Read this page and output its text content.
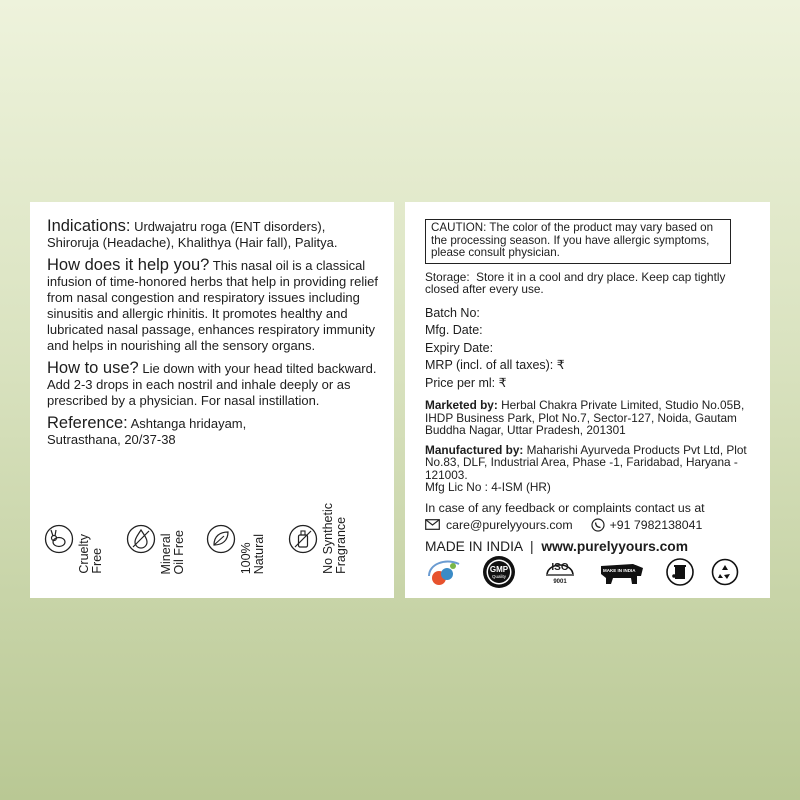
Indications: Urdwajatru roga (ENT disorders), Shiroruja (Headache), Khalithya (Hair fall), Palitya.

How does it help you? This nasal oil is a classical infusion of time-honored herbs that help in providing relief from nasal congestion and respiratory issues including sinusitis and allergic rhinitis. It promotes healthy and lubricated nasal passage, enhances respiratory immunity and helps in nourishing all the sensory organs.

How to use? Lie down with your head tilted backward. Add 2-3 drops in each nostril and inhale deeply or as prescribed by a physician. For nasal instillation.

Reference: Ashtanga hridayam, Sutrasthana, 20/37-38

Cruelty
Free	Mineral
Oil Free	100%
Natural	No Synthetic
Fragrance
CAUTION: The color of the product may vary based on the processing season. If you have allergic symptoms, please consult physician.
Storage: Store it in a cool and dry place. Keep cap tightly closed after every use.
Batch No:
Mfg. Date:
Expiry Date:
MRP (incl. of all taxes): ₹
Price per ml: ₹
Marketed by: Herbal Chakra Private Limited, Studio No.05B, IHDP Business Park, Plot No.7, Sector-127, Noida, Gautam Buddha Nagar, Uttar Pradesh, 201301
Manufactured by: Maharishi Ayurveda Products Pvt Ltd, Plot No.83, DLF, Industrial Area, Phase -1, Faridabad, Haryana - 121003.
Mfg Lic No : 4-ISM (HR)
In case of any feedback or complaints contact us at
care@purelyyours.com	+91 7982138041
MADE IN INDIA | www.purelyyours.com
GMP
Quality
ISO
9001
MAKE IN INDIA
